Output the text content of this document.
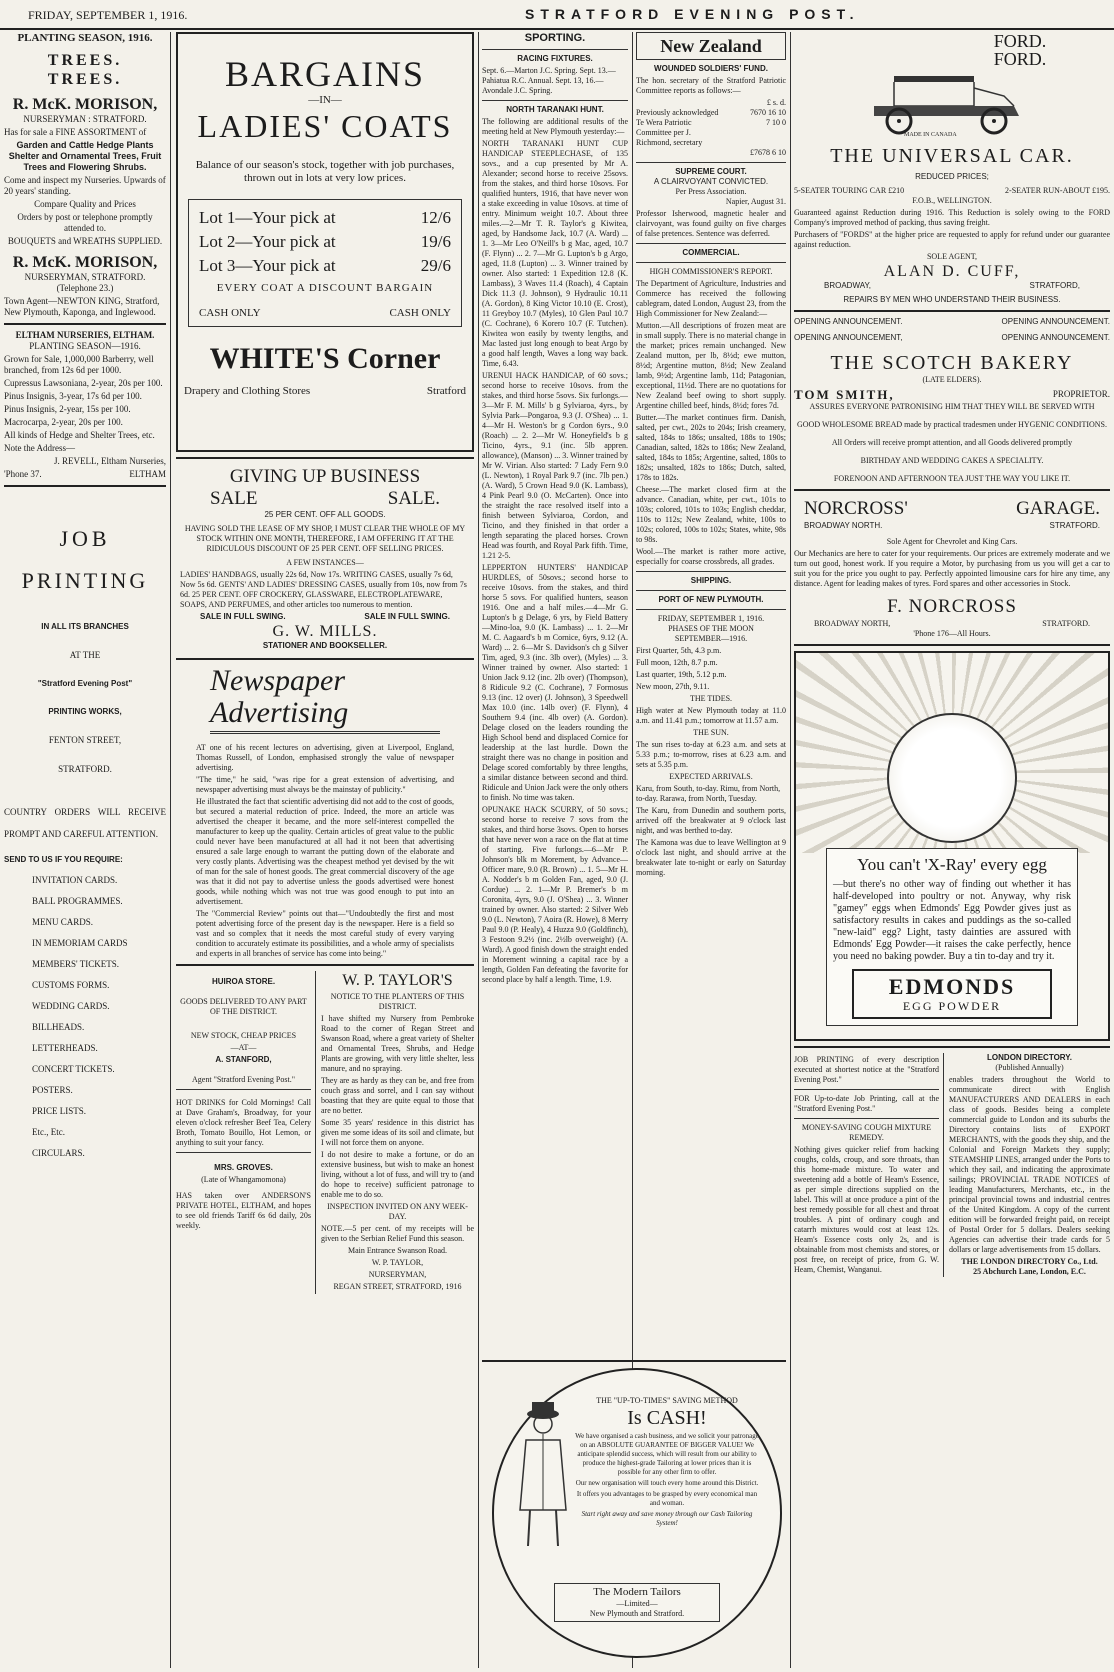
FRIDAY, SEPTEMBER 1, 1916.	STRATFORD EVENING POST.
PLANTING SEASON, 1916.
TREES.
TREES.
R. McK. MORISON,
NURSERYMAN : STRATFORD.

Has for sale a FINE ASSORTMENT of

Garden and Cattle Hedge Plants Shelter and Ornamental Trees, Fruit Trees and Flowering Shrubs.

Come and inspect my Nurseries. Upwards of 20 years' standing.

Compare Quality and Prices

Orders by post or telephone promptly attended to.

BOUQUETS and WREATHS SUPPLIED.

R. McK. MORISON,
NURSERYMAN, STRATFORD.
(Telephone 23.)

Town Agent—NEWTON KING, Stratford, New Plymouth, Kaponga, and Inglewood.

ELTHAM NURSERIES, ELTHAM.
PLANTING SEASON—1916.

Grown for Sale, 1,000,000 Barberry, well branched, from 12s 6d per 1000.

Cupressus Lawsoniana, 2-year, 20s per 100.

Pinus Insignis, 3-year, 17s 6d per 100.

Pinus Insignis, 2-year, 15s per 100.

Macrocarpa, 2-year, 20s per 100.

All kinds of Hedge and Shelter Trees, etc.

Note the Address—

J. REVELL, Eltham Nurseries,

'Phone 37.	ELTHAM
JOB
PRINTING
IN ALL ITS BRANCHES
AT THE
"Stratford Evening Post"
PRINTING WORKS,
FENTON STREET,
STRATFORD.

COUNTRY ORDERS WILL RECEIVE PROMPT AND CAREFUL ATTENTION.

SEND TO US IF YOU REQUIRE:

INVITATION CARDS.

BALL PROGRAMMES.

MENU CARDS.

IN MEMORIAM CARDS

MEMBERS' TICKETS.

CUSTOMS FORMS.

WEDDING CARDS.

BILLHEADS.

LETTERHEADS.

CONCERT TICKETS.

POSTERS.

PRICE LISTS.

Etc., Etc.

CIRCULARS.

BARGAINS
—IN—
LADIES' COATS

Balance of our season's stock, together with job purchases, thrown out in lots at very low prices.

Lot 1—Your pick at	12/6
Lot 2—Your pick at	19/6
Lot 3—Your pick at	29/6
EVERY COAT A DISCOUNT BARGAIN
CASH ONLY	CASH ONLY
WHITE'S Corner
Drapery and Clothing Stores	Stratford
GIVING UP BUSINESS
SALE	SALE.
25 PER CENT. OFF ALL GOODS.

HAVING SOLD THE LEASE OF MY SHOP, I MUST CLEAR THE WHOLE OF MY STOCK WITHIN ONE MONTH, THEREFORE, I AM OFFERING IT AT THE RIDICULOUS DISCOUNT OF 25 PER CENT. OFF SELLING PRICES.

A FEW INSTANCES—

LADIES' HANDBAGS, usually 22s 6d, Now 17s. WRITING CASES, usually 7s 6d, Now 5s 6d. GENTS' AND LADIES' DRESSING CASES, usually from 10s, now from 7s 6d. 25 PER CENT. OFF CROCKERY, GLASSWARE, ELECTROPLATEWARE, SOAPS, AND PERFUMES, and other articles too numerous to mention.

SALE IN FULL SWING.	SALE IN FULL SWING.
G. W. MILLS.
STATIONER AND BOOKSELLER.
Newspaper
Advertising

AT one of his recent lectures on advertising, given at Liverpool, England, Thomas Russell, of London, emphasised strongly the value of newspaper advertising.

"The time," he said, "was ripe for a great extension of advertising, and newspaper advertising must always be the mainstay of publicity."

He illustrated the fact that scientific advertising did not add to the cost of goods, but secured a material reduction of price. Indeed, the more an article was advertised the cheaper it became, and the more self-interest compelled the manufacturer to keep up the quality. Certain articles of great value to the public could never have been manufactured at all had it not been that advertising ensured a sale large enough to warrant the putting down of the elaborate and very costly plants. Advertising was the cheapest method yet devised by the wit of man for the sale of honest goods. The great commercial discovery of the age was that it did not pay to advertise unless the goods advertised were honest goods, while nothing which was not true was good enough to put into an advertisement.

The "Commercial Review" points out that—"Undoubtedly the first and most potent advertising force of the present day is the newspaper. Here is a field so vast and so complex that it needs the most careful study of every varying condition to accurately estimate its possibilities, and a whole army of specialists and experts in all branches of service has come into being."

HUIROA STORE.

GOODS DELIVERED TO ANY PART OF THE DISTRICT.

NEW STOCK, CHEAP PRICES

—AT—

A. STANFORD,

Agent "Stratford Evening Post."

HOT DRINKS for Cold Mornings! Call at Dave Graham's, Broadway, for your eleven o'clock refresher Beef Tea, Celery Broth, Tomato Bouillo, Hot Lemon, or anything to suit your fancy.

MRS. GROVES.

(Late of Whangamomona)

HAS taken over ANDERSON'S PRIVATE HOTEL, ELTHAM, and hopes to see old friends Tariff 6s 6d daily, 20s weekly.

W. P. TAYLOR'S

NOTICE TO THE PLANTERS OF THIS DISTRICT.

I have shifted my Nursery from Pembroke Road to the corner of Regan Street and Swanson Road, where a great variety of Shelter and Ornamental Trees, Shrubs, and Hedge Plants are growing, with very little shelter, less manure, and no spraying.

They are as hardy as they can be, and free from couch grass and sorrel, and I can say without boasting that they are quite equal to those that are no better.

Some 35 years' residence in this district has given me some ideas of its soil and climate, but I will not force them on anyone.

I do not desire to make a fortune, or do an extensive business, but wish to make an honest living, without a lot of fuss, and will try to (and do hope to receive) sufficient patronage to enable me to do so.

INSPECTION INVITED ON ANY WEEK-DAY.

NOTE.—5 per cent. of my receipts will be given to the Serbian Relief Fund this season.

Main Entrance Swanson Road.

W. P. TAYLOR,

NURSERYMAN,

REGAN STREET, STRATFORD, 1916

SPORTING.
RACING FIXTURES.

Sept. 6.—Marton J.C. Spring. Sept. 13.—Pahiatua R.C. Annual. Sept. 13, 16.—Avondale J.C. Spring.

NORTH TARANAKI HUNT.

The following are additional results of the meeting held at New Plymouth yesterday:—

NORTH TARANAKI HUNT CUP HANDICAP STEEPLECHASE, of 135 sovs., and a cup presented by Mr A. Alexander; second horse to receive 25sovs. from the stakes, and third horse 10sovs. For qualified hunters, 1916, that have never won a stake exceeding in value 10sovs. at time of entry. Minimum weight 10.7. About three miles.—2—Mr T. R. Taylor's g Kiwitea, aged, by Handsome Jack, 10.7 (A. Ward) ... 1. 3—Mr Leo O'Neill's b g Mac, aged, 10.7 (F. Flynn) ... 2. 7—Mr G. Lupton's b g Argo, aged, 11.8 (Lupton) ... 3. Winner trained by owner. Also started: 1 Expedition 12.8 (K. Lambass), 3 Waves 11.4 (Roach), 4 Captain Dick 11.3 (J. Johnson), 9 Hydraulic 10.11 (A. Gordon), 8 King Victor 10.10 (E. Crost), 11 Greyboy 10.7 (Myles), 10 Glen Paul 10.7 (C. Cochrane), 6 Korero 10.7 (F. Tutchen). Kiwitea won easily by twenty lengths, and Mac lasted just long enough to beat Argo by a good half length, Waves a long way back. Time, 6.43.

URENUI HACK HANDICAP, of 60 sovs.; second horse to receive 10sovs. from the stakes, and third horse 5sovs. Six furlongs.—3—Mr F. M. Mills' b g Sylviaroa, 4yrs., by Sylvia Park—Pongaroa, 9.3 (J. O'Shea) ... 1. 4—Mr H. Weston's br g Cordon 6yrs., 9.0 (Roach) ... 2. 2—Mr W. Honeyfield's b g Ticino, 4yrs., 9.1 (inc. 5lb appren. allowance), (Manson) ... 3. Winner trained by Mr W. Virian. Also started: 7 Lady Fern 9.0 (L. Newton), 1 Royal Park 9.7 (inc. 7lb pen.) (A. Ward), 5 Crown Head 9.0 (K. Lambass), 4 Pink Pearl 9.0 (O. McCarten). Once into the straight the race resolved itself into a finish between Sylviaroa, Cordon, and Ticino, and they finished in that order a length separating the placed horses. Crown Head was fourth, and Royal Park fifth. Time, 1.21 2-5.

LEPPERTON HUNTERS' HANDICAP HURDLES, of 50sovs.; second horse to receive 10sovs. from the stakes, and third horse 5 sovs. For qualified hunters, season 1916. One and a half miles.—4—Mr G. Lupton's b g Delage, 6 yrs, by Field Battery—Mino-loa, 9.0 (K. Lambass) ... 1. 2—Mr M. C. Aagaard's b m Cornice, 6yrs, 9.12 (A. Ward) ... 2. 6—Mr S. Davidson's ch g Silver Tim, aged, 9.3 (inc. 3lb over), (Myles) ... 3. Winner trained by owner. Also started: 1 Union Jack 9.12 (inc. 2lb over) (Thompson), 8 Ridicule 9.2 (C. Cochrane), 7 Formosus 9.13 (inc. 12 over) (J. Johnson), 3 Speedwell Max 10.0 (inc. 14lb over) (F. Flynn), 4 Southern 9.4 (inc. 4lb over) (A. Gordon). Delage closed on the leaders rounding the High School bend and displaced Cornice for leadership at the last hurdle. Down the straight there was no change in position and Delage scored comfortably by three lengths, a similar distance between second and third. Ridicule and Union Jack were the only others to finish. No time was taken.

OPUNAKE HACK SCURRY, of 50 sovs.; second horse to receive 7 sovs from the stakes, and third horse 3sovs. Open to horses that have never won a race on the flat at time of starting. Five furlongs.—6—Mr P. Johnson's blk m Morement, by Advance—Officer mare, 9.0 (R. Brown) ... 1. 5—Mr H. A. Nodder's b m Golden Fan, aged, 9.0 (J. Cordue) ... 2. 1—Mr P. Bremer's b m Coronita, 4yrs, 9.0 (J. O'Shea) ... 3. Winner trained by owner. Also started: 2 Silver Web 9.0 (L. Newton), 7 Aoira (R. Howe), 8 Merry Paul 9.0 (P. Healy), 4 Huzza 9.0 (Goldfinch), 3 Festoon 9.2½ (inc. 2½lb overweight) (A. Ward). A good finish down the straight ended in Morement winning a capital race by a length, Golden Fan defeating the favorite for second place by half a length. Time, 1.9.

New Zealand
WOUNDED SOLDIERS' FUND.

The hon. secretary of the Stratford Patriotic Committee reports as follows:—

£ s. d.
Previously acknowledged	7670 16 10
Te Wera Patriotic Committee per J. Richmond, secretary
7 10 0
£7678 6 10
SUPREME COURT.
A CLAIRVOYANT CONVICTED.
Per Press Association.
Napier, August 31.

Professor Isherwood, magnetic healer and clairvoyant, was found guilty on five charges of false pretences. Sentence was deferred.

COMMERCIAL.
HIGH COMMISSIONER'S REPORT.

The Department of Agriculture, Industries and Commerce has received the following cablegram, dated London, August 23, from the High Commissioner for New Zealand:—

Mutton.—All descriptions of frozen meat are in small supply. There is no material change in the market; prices remain unchanged. New Zealand mutton, per lb, 8½d; ewe mutton, 8½d; Argentine mutton, 8½d; New Zealand lamb, 9½d; Argentine lamb, 11d; Patagonian, exceptional, 11½d. There are no quotations for New Zealand beef owing to short supply. Argentine chilled beef, hinds, 8½d; fores 7d.

Butter.—The market continues firm. Danish, salted, per cwt., 202s to 204s; Irish creamery, salted, 184s to 186s; unsalted, 188s to 190s; Canadian, salted, 182s to 186s; New Zealand, salted, 184s to 185s; Argentine, salted, 180s to 182s; unsalted, 182s to 186s; Dutch, salted, 178s to 182s.

Cheese.—The market closed firm at the advance. Canadian, white, per cwt., 101s to 103s; colored, 101s to 103s; English cheddar, 110s to 112s; New Zealand, white, 100s to 102s; colored, 100s to 102s; States, white, 98s to 98s.

Wool.—The market is rather more active, especially for coarse crossbreds, all grades.

SHIPPING.
PORT OF NEW PLYMOUTH.
FRIDAY, SEPTEMBER 1, 1916.
PHASES OF THE MOON
SEPTEMBER—1916.

First Quarter, 5th, 4.3 p.m.

Full moon, 12th, 8.7 p.m.

Last quarter, 19th, 5.12 p.m.

New moon, 27th, 9.11.

THE TIDES.

High water at New Plymouth today at 11.0 a.m. and 11.41 p.m.; tomorrow at 11.57 a.m.

THE SUN.

The sun rises to-day at 6.23 a.m. and sets at 5.33 p.m.; to-morrow, rises at 6.23 a.m. and sets at 5.35 p.m.

EXPECTED ARRIVALS.

Karu, from South, to-day. Rimu, from North, to-day. Rarawa, from North, Tuesday.

The Karu, from Dunedin and southern ports, arrived off the breakwater at 9 o'clock last night, and was berthed to-day.

The Kamona was due to leave Wellington at 9 o'clock last night, and should arrive at the breakwater late to-night or early on Saturday morning.

THE "UP-TO-TIMES" SAVING METHOD
Is CASH!

We have organised a cash business, and we solicit your patronage on an ABSOLUTE GUARANTEE OF BIGGER VALUE! We anticipate splendid success, which will result from our ability to produce the highest-grade Tailoring at lower prices than it is possible for any other firm to offer.

Our new organisation will touch every home around this District.

It offers you advantages to be grasped by every economical man and woman.

Start right away and save money through our Cash Tailoring System!

The Modern Tailors
—Limited—
New Plymouth and Stratford.
FORD.
FORD.
MADE IN CANADA
THE UNIVERSAL CAR.
REDUCED PRICES;
5-SEATER TOURING CAR £210	2-SEATER RUN-ABOUT £195.
F.O.B., WELLINGTON.

Guaranteed against Reduction during 1916. This Reduction is solely owing to the FORD Company's improved method of packing, thus saving freight.

Purchasers of "FORDS" at the higher price are requested to apply for refund under our guarantee against reduction.

SOLE AGENT,
ALAN D. CUFF,
BROADWAY,	STRATFORD,
REPAIRS BY MEN WHO UNDERSTAND THEIR BUSINESS.
OPENING ANNOUNCEMENT.	OPENING ANNOUNCEMENT.
OPENING ANNOUNCEMENT,	OPENING ANNOUNCEMENT.
THE SCOTCH BAKERY
(LATE ELDERS).
TOM SMITH,	PROPRIETOR.

ASSURES EVERYONE PATRONISING HIM THAT THEY WILL BE SERVED WITH

GOOD WHOLESOME BREAD made by practical tradesmen under HYGENIC CONDITIONS.

All Orders will receive prompt attention, and all Goods delivered promptly

BIRTHDAY AND WEDDING CAKES A SPECIALITY.

FORENOON AND AFTERNOON TEA JUST THE WAY YOU LIKE IT.

NORCROSS'	GARAGE.
BROADWAY NORTH.	STRATFORD.

Sole Agent for Chevrolet and King Cars.

Our Mechanics are here to cater for your requirements. Our prices are extremely moderate and we turn out good, honest work. If you require a Motor, by purchasing from us you will get a car to suit you for the price you ought to pay. Perfectly appointed limousine cars for hire any time, any distance. Agent for leading makes of tyres. Ford spares and other accessories in Stock.

F. NORCROSS
BROADWAY NORTH,	STRATFORD.
'Phone 176—All Hours.
You can't 'X-Ray' every egg

—but there's no other way of finding out whether it has half-developed into poultry or not. Anyway, why risk "gamey" eggs when Edmonds' Egg Powder gives just as satisfactory results in cakes and puddings as the so-called "new-laid" egg? Light, tasty dainties are assured with Edmonds' Egg Powder—it raises the cake perfectly, hence you need no baking powder. Buy a tin to-day and try it.

EDMONDS
EGG POWDER

JOB PRINTING of every description executed at shortest notice at the "Stratford Evening Post."

FOR Up-to-date Job Printing, call at the "Stratford Evening Post."

MONEY-SAVING COUGH MIXTURE REMEDY.

Nothing gives quicker relief from hacking coughs, colds, croup, and sore throats, than this home-made mixture. To water and sweetening add a bottle of Heam's Essence, as per simple directions supplied on the label. This will at once produce a pint of the best remedy possible for all chest and throat troubles. A pint of ordinary cough and catarrh mixtures would cost at least 12s. Heam's Essence costs only 2s, and is obtainable from most chemists and stores, or post free, on receipt of price, from G. W. Heam, Chemist, Wanganui.

LONDON DIRECTORY.
(Published Annually)

enables traders throughout the World to communicate direct with English MANUFACTURERS AND DEALERS in each class of goods. Besides being a complete commercial guide to London and its suburbs the Directory contains lists of EXPORT MERCHANTS, with the goods they ship, and the Colonial and Foreign Markets they supply; STEAMSHIP LINES, arranged under the Ports to which they sail, and indicating the approximate sailings; PROVINCIAL TRADE NOTICES of leading Manufacturers, Merchants, etc., in the principal provincial towns and industrial centres of the United Kingdom. A copy of the current edition will be forwarded freight paid, on receipt of Postal Order for 5 dollars. Dealers seeking Agencies can advertise their trade cards for 5 dollars or large advertisements from 15 dollars.

THE LONDON DIRECTORY Co., Ltd.
25 Abchurch Lane, London, E.C.
